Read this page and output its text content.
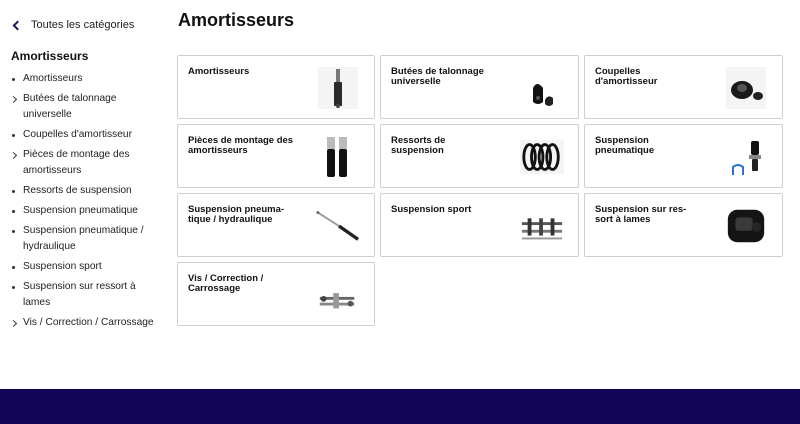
Toutes les catégories
Amortisseurs
Amortisseurs
Butées de talonnage universelle
Coupelles d'amortisseur
Pièces de montage des amortisseurs
Ressorts de suspension
Suspension pneumatique
Suspension pneumatique / hydraulique
Suspension sport
Suspension sur ressort à lames
Vis / Correction / Carrossage
Amortisseurs
Amortisseurs	Butées de talonnage universelle
Coupelles d'amortisseur
Pièces de montage des amortisseurs
Ressorts de suspension
Suspension pneumatique
Suspension pneuma-tique / hydraulique
Suspension sport	Suspension sur res-sort à lames
Vis / Correction / Carrossage
